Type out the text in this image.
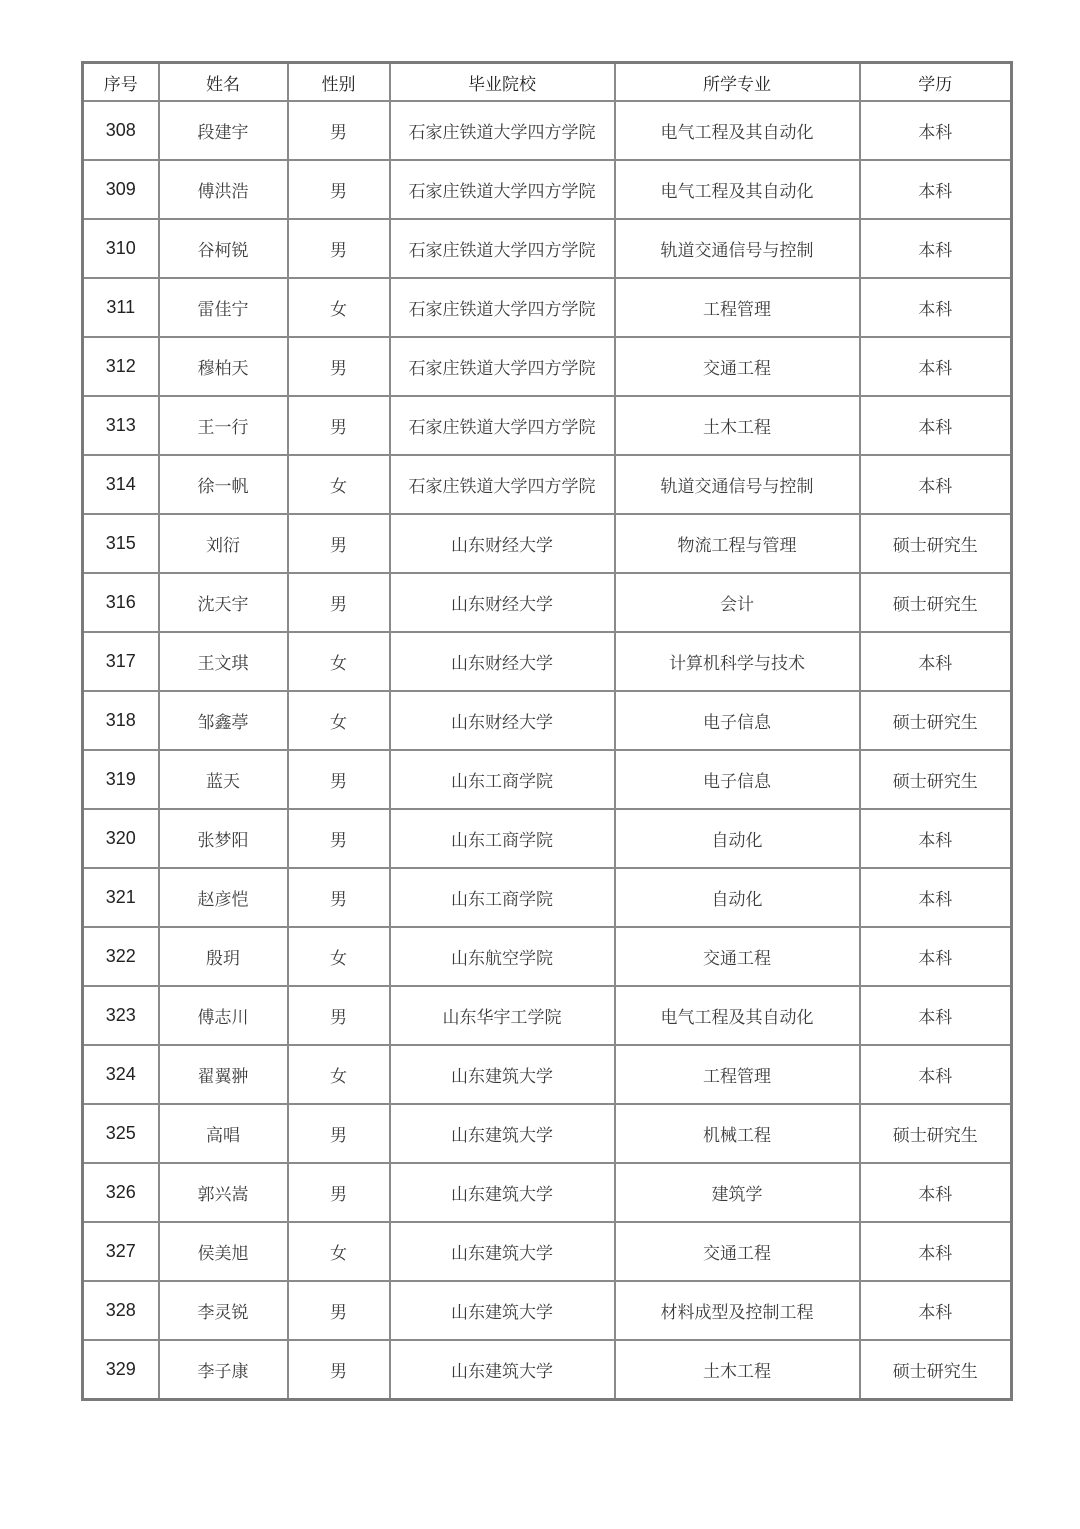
序号	姓名	性别	毕业院校	所学专业	学历
308	段建宇	男	石家庄铁道大学四方学院	电气工程及其自动化	本科
309	傅洪浩	男	石家庄铁道大学四方学院	电气工程及其自动化	本科
310	谷柯锐	男	石家庄铁道大学四方学院	轨道交通信号与控制	本科
311	雷佳宁	女	石家庄铁道大学四方学院	工程管理	本科
312	穆柏天	男	石家庄铁道大学四方学院	交通工程	本科
313	王一行	男	石家庄铁道大学四方学院	土木工程	本科
314	徐一帆	女	石家庄铁道大学四方学院	轨道交通信号与控制	本科
315	刘衍	男	山东财经大学	物流工程与管理	硕士研究生
316	沈天宇	男	山东财经大学	会计	硕士研究生
317	王文琪	女	山东财经大学	计算机科学与技术	本科
318	邹鑫葶	女	山东财经大学	电子信息	硕士研究生
319	蓝天	男	山东工商学院	电子信息	硕士研究生
320	张梦阳	男	山东工商学院	自动化	本科
321	赵彦恺	男	山东工商学院	自动化	本科
322	殷玥	女	山东航空学院	交通工程	本科
323	傅志川	男	山东华宇工学院	电气工程及其自动化	本科
324	翟翼翀	女	山东建筑大学	工程管理	本科
325	高唱	男	山东建筑大学	机械工程	硕士研究生
326	郭兴嵩	男	山东建筑大学	建筑学	本科
327	侯美旭	女	山东建筑大学	交通工程	本科
328	李灵锐	男	山东建筑大学	材料成型及控制工程	本科
329	李子康	男	山东建筑大学	土木工程	硕士研究生
